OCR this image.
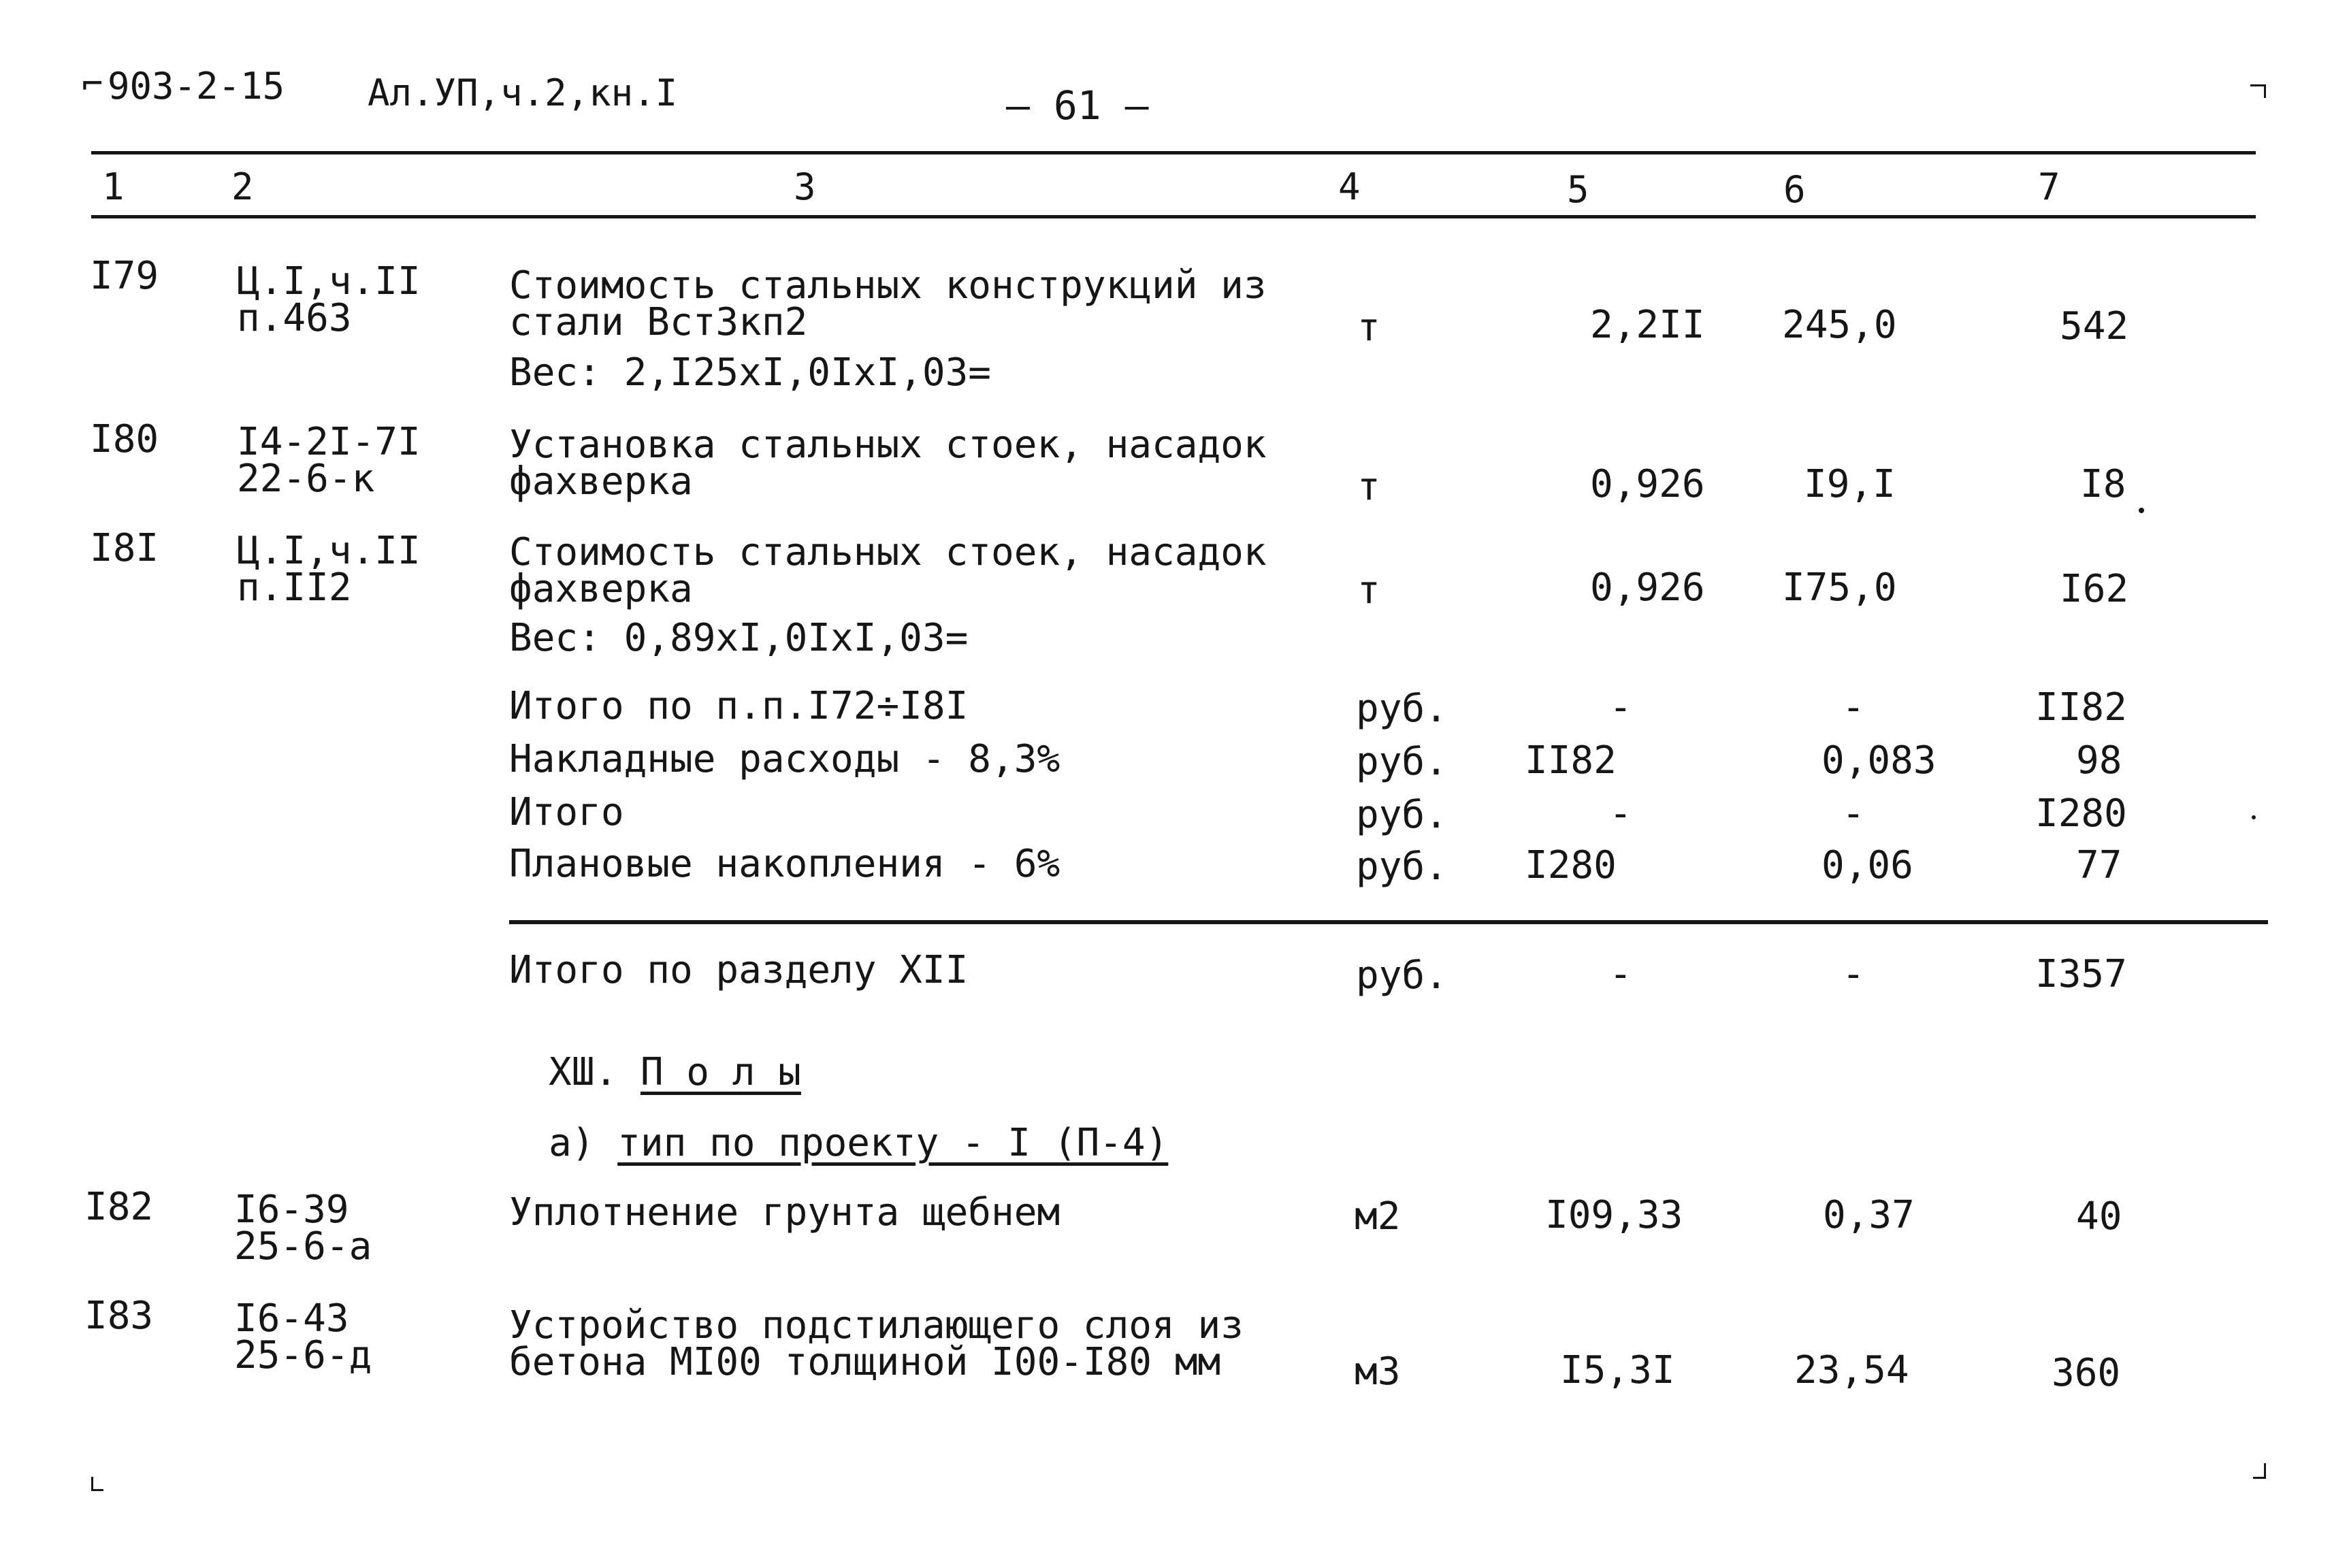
⌐ 903-2-15 Ал.УП,ч.2,кн.I	– 61 –
1	2	3	4	5	6	7
I79 Ц.I,ч.II
п.463
Стоимость стальных конструкций из
стали ВстЗкп2
Вес: 2,I25xI,0IxI,03=
т	2,2II 245,0	542
I80 I4-2I-7I
22-6-к
Установка стальных стоек, насадок
фахверка	т	0,926	I9,I	I8
I8I Ц.I,ч.II
п.II2
Стоимость стальных стоек, насадок
фахверка
Вес: 0,89xI,0IxI,03=
т	0,926 I75,0	I62
Итого по п.п.I72÷I8I	руб.	-	-	II82
Накладные расходы - 8,3%	руб. II82	0,083	98
Итого	руб.	-	-	I280
Плановые накопления - 6%	руб. I280	0,06	77
Итого по разделу ХII	руб.	-	-	I357
ХШ. П о л ы
а) тип по проекту - I (П-4)
I82 I6-39
25-6-а
Уплотнение грунта щебнем	м2	I09,33	0,37	40
I83 I6-43
25-6-д
Устройство подстилающего слоя из
бетона МI00 толщиной I00-I80 мм	м3	I5,3I	23,54	360
